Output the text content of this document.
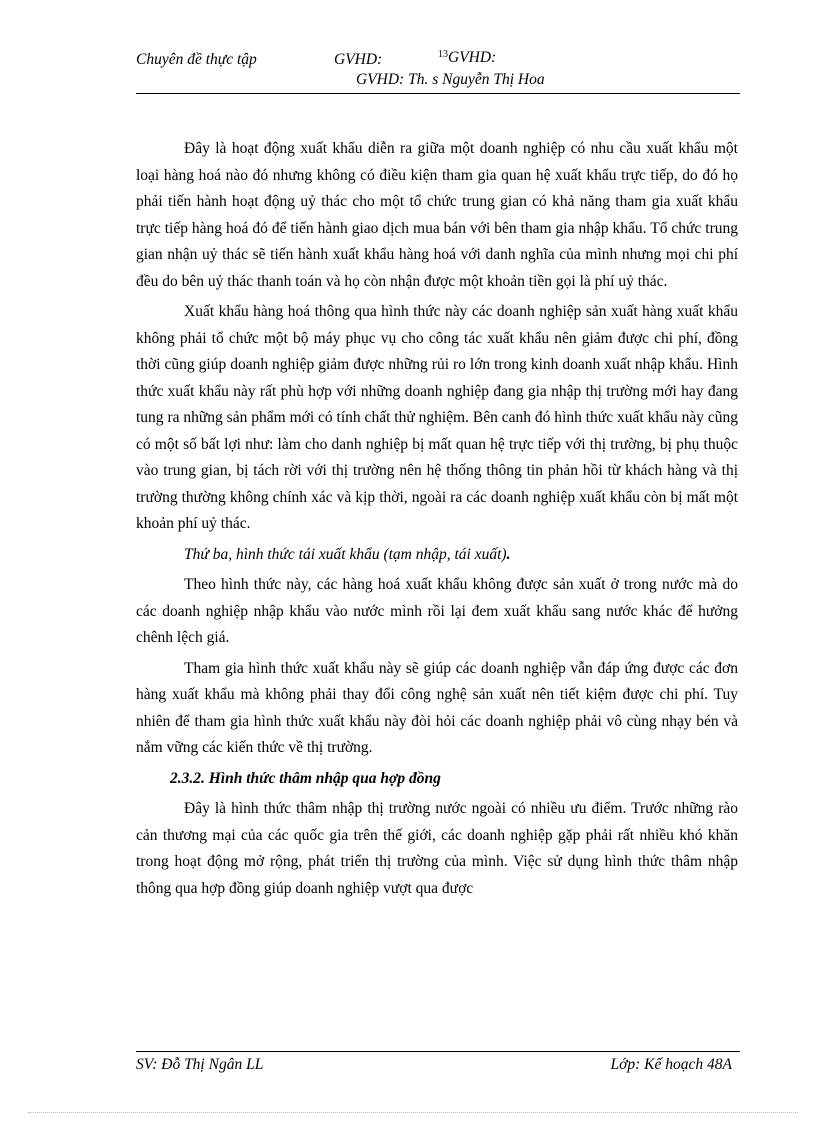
Chuyên đề thực tập	GVHD:	$^{13}$GVHD:
GVHD: Th. s Nguyễn Thị Hoa

Đây là hoạt động xuất khẩu diễn ra giữa một doanh nghiệp có nhu cầu xuất khẩu một loại hàng hoá nào đó nhưng không có điều kiện tham gia quan hệ xuất khẩu trực tiếp, do đó họ phải tiến hành hoạt động uỷ thác cho một tổ chức trung gian có khả năng tham gia xuất khẩu trực tiếp hàng hoá đó để tiến hành giao dịch mua bán với bên tham gia nhập khẩu. Tổ chức trung gian nhận uỷ thác sẽ tiến hành xuất khẩu hàng hoá với danh nghĩa của mình nhưng mọi chi phí đều do bên uỷ thác thanh toán và họ còn nhận được một khoản tiền gọi là phí uỷ thác.

Xuất khẩu hàng hoá thông qua hình thức này các doanh nghiệp sản xuất hàng xuất khẩu không phải tổ chức một bộ máy phục vụ cho công tác xuất khẩu nên giảm được chi phí, đồng thời cũng giúp doanh nghiệp giảm được những rủi ro lớn trong kinh doanh xuất nhập khẩu. Hình thức xuất khẩu này rất phù hợp với những doanh nghiệp đang gia nhập thị trường mới hay đang tung ra những sản phẩm mới có tính chất thử nghiệm. Bên canh đó hình thức xuất khẩu này cũng có một số bất lợi như: làm cho danh nghiệp bị mất quan hệ trực tiếp với thị trường, bị phụ thuộc vào trung gian, bị tách rời với thị trường nên hệ thống thông tin phản hồi từ khách hàng và thị trường thường không chính xác và kịp thời, ngoài ra các doanh nghiệp xuất khẩu còn bị mất một khoản phí uỷ thác.

Thứ ba, hình thức tái xuất khẩu (tạm nhập, tái xuất).

Theo hình thức này, các hàng hoá xuất khẩu không được sản xuất ở trong nước mà do các doanh nghiệp nhập khẩu vào nước mình rồi lại đem xuất khẩu sang nước khác để hưởng chênh lệch giá.

Tham gia hình thức xuất khẩu này sẽ giúp các doanh nghiệp vẫn đáp ứng được các đơn hàng xuất khẩu mà không phải thay đổi công nghệ sản xuất nên tiết kiệm được chi phí. Tuy nhiên để tham gia hình thức xuất khẩu này đòi hỏi các doanh nghiệp phải vô cùng nhạy bén và nắm vững các kiến thức về thị trường.

2.3.2. Hình thức thâm nhập qua hợp đồng

Đây là hình thức thâm nhập thị trường nước ngoài có nhiều ưu điểm. Trước những rào cản thương mại của các quốc gia trên thế giới, các doanh nghiệp gặp phải rất nhiều khó khăn trong hoạt động mở rộng, phát triển thị trường của mình. Việc sử dụng hình thức thâm nhập thông qua hợp đồng giúp doanh nghiệp vượt qua được

SV: Đỗ Thị Ngân LL	Lớp: Kế hoạch 48A
